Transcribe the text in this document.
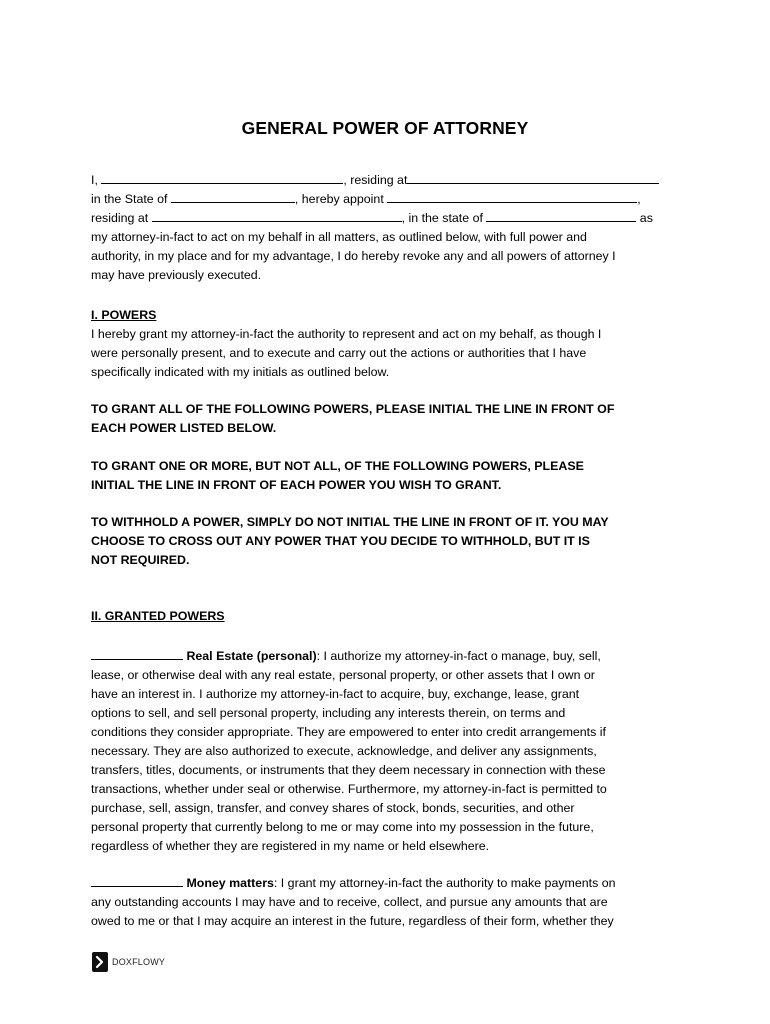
GENERAL POWER OF ATTORNEY
I,	, residing at
in the State of	, hereby appoint	,
residing at	, in the state of	as
my attorney-in-fact to act on my behalf in all matters, as outlined below, with full power and
authority, in my place and for my advantage, I do hereby revoke any and all powers of attorney I
may have previously executed.
I. POWERS
I hereby grant my attorney-in-fact the authority to represent and act on my behalf, as though I
were personally present, and to execute and carry out the actions or authorities that I have
specifically indicated with my initials as outlined below.
TO GRANT ALL OF THE FOLLOWING POWERS, PLEASE INITIAL THE LINE IN FRONT OF
EACH POWER LISTED BELOW.
TO GRANT ONE OR MORE, BUT NOT ALL, OF THE FOLLOWING POWERS, PLEASE
INITIAL THE LINE IN FRONT OF EACH POWER YOU WISH TO GRANT.
TO WITHHOLD A POWER, SIMPLY DO NOT INITIAL THE LINE IN FRONT OF IT. YOU MAY
CHOOSE TO CROSS OUT ANY POWER THAT YOU DECIDE TO WITHHOLD, BUT IT IS
NOT REQUIRED.
II. GRANTED POWERS
Real Estate (personal): I authorize my attorney-in-fact o manage, buy, sell,
lease, or otherwise deal with any real estate, personal property, or other assets that I own or
have an interest in. I authorize my attorney-in-fact to acquire, buy, exchange, lease, grant
options to sell, and sell personal property, including any interests therein, on terms and
conditions they consider appropriate. They are empowered to enter into credit arrangements if
necessary. They are also authorized to execute, acknowledge, and deliver any assignments,
transfers, titles, documents, or instruments that they deem necessary in connection with these
transactions, whether under seal or otherwise. Furthermore, my attorney-in-fact is permitted to
purchase, sell, assign, transfer, and convey shares of stock, bonds, securities, and other
personal property that currently belong to me or may come into my possession in the future,
regardless of whether they are registered in my name or held elsewhere.
Money matters: I grant my attorney-in-fact the authority to make payments on
any outstanding accounts I may have and to receive, collect, and pursue any amounts that are
owed to me or that I may acquire an interest in the future, regardless of their form, whether they
DOXFLOWY
